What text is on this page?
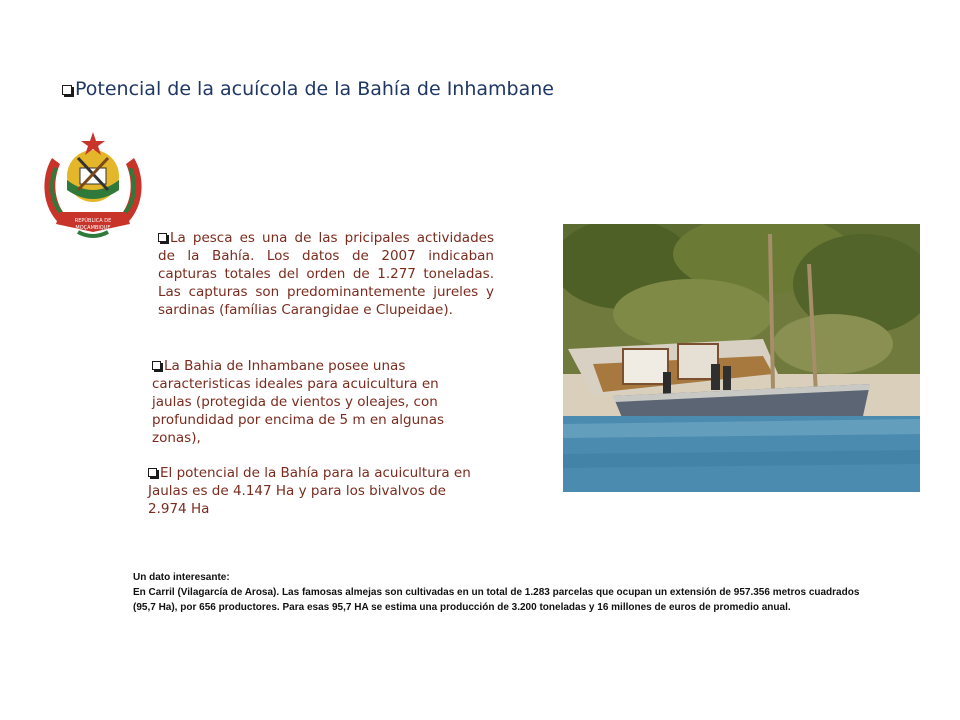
Potencial de la acuícola de la Bahía de Inhambane
REPÚBLICA DE
MOÇAMBIQUE
La pesca es una de las pricipales actividades de la Bahía. Los datos de 2007 indicaban capturas totales del orden de 1.277 toneladas. Las capturas son predominantemente jureles y sardinas (famílias Carangidae e Clupeidae).
La Bahia de Inhambane posee unas caracteristicas ideales para acuicultura en jaulas (protegida de vientos y oleajes, con profundidad por encima de 5 m en algunas zonas),
El potencial de la Bahía para la acuicultura en Jaulas es de 4.147 Ha y para los bivalvos de 2.974 Ha
Un dato interesante:
En Carril (Vilagarcía de Arosa). Las famosas almejas son cultivadas en un total de 1.283 parcelas que ocupan un extensión de 957.356 metros cuadrados (95,7 Ha), por 656 productores. Para esas 95,7 HA se estima una producción de 3.200 toneladas y 16 millones de euros de promedio anual.
